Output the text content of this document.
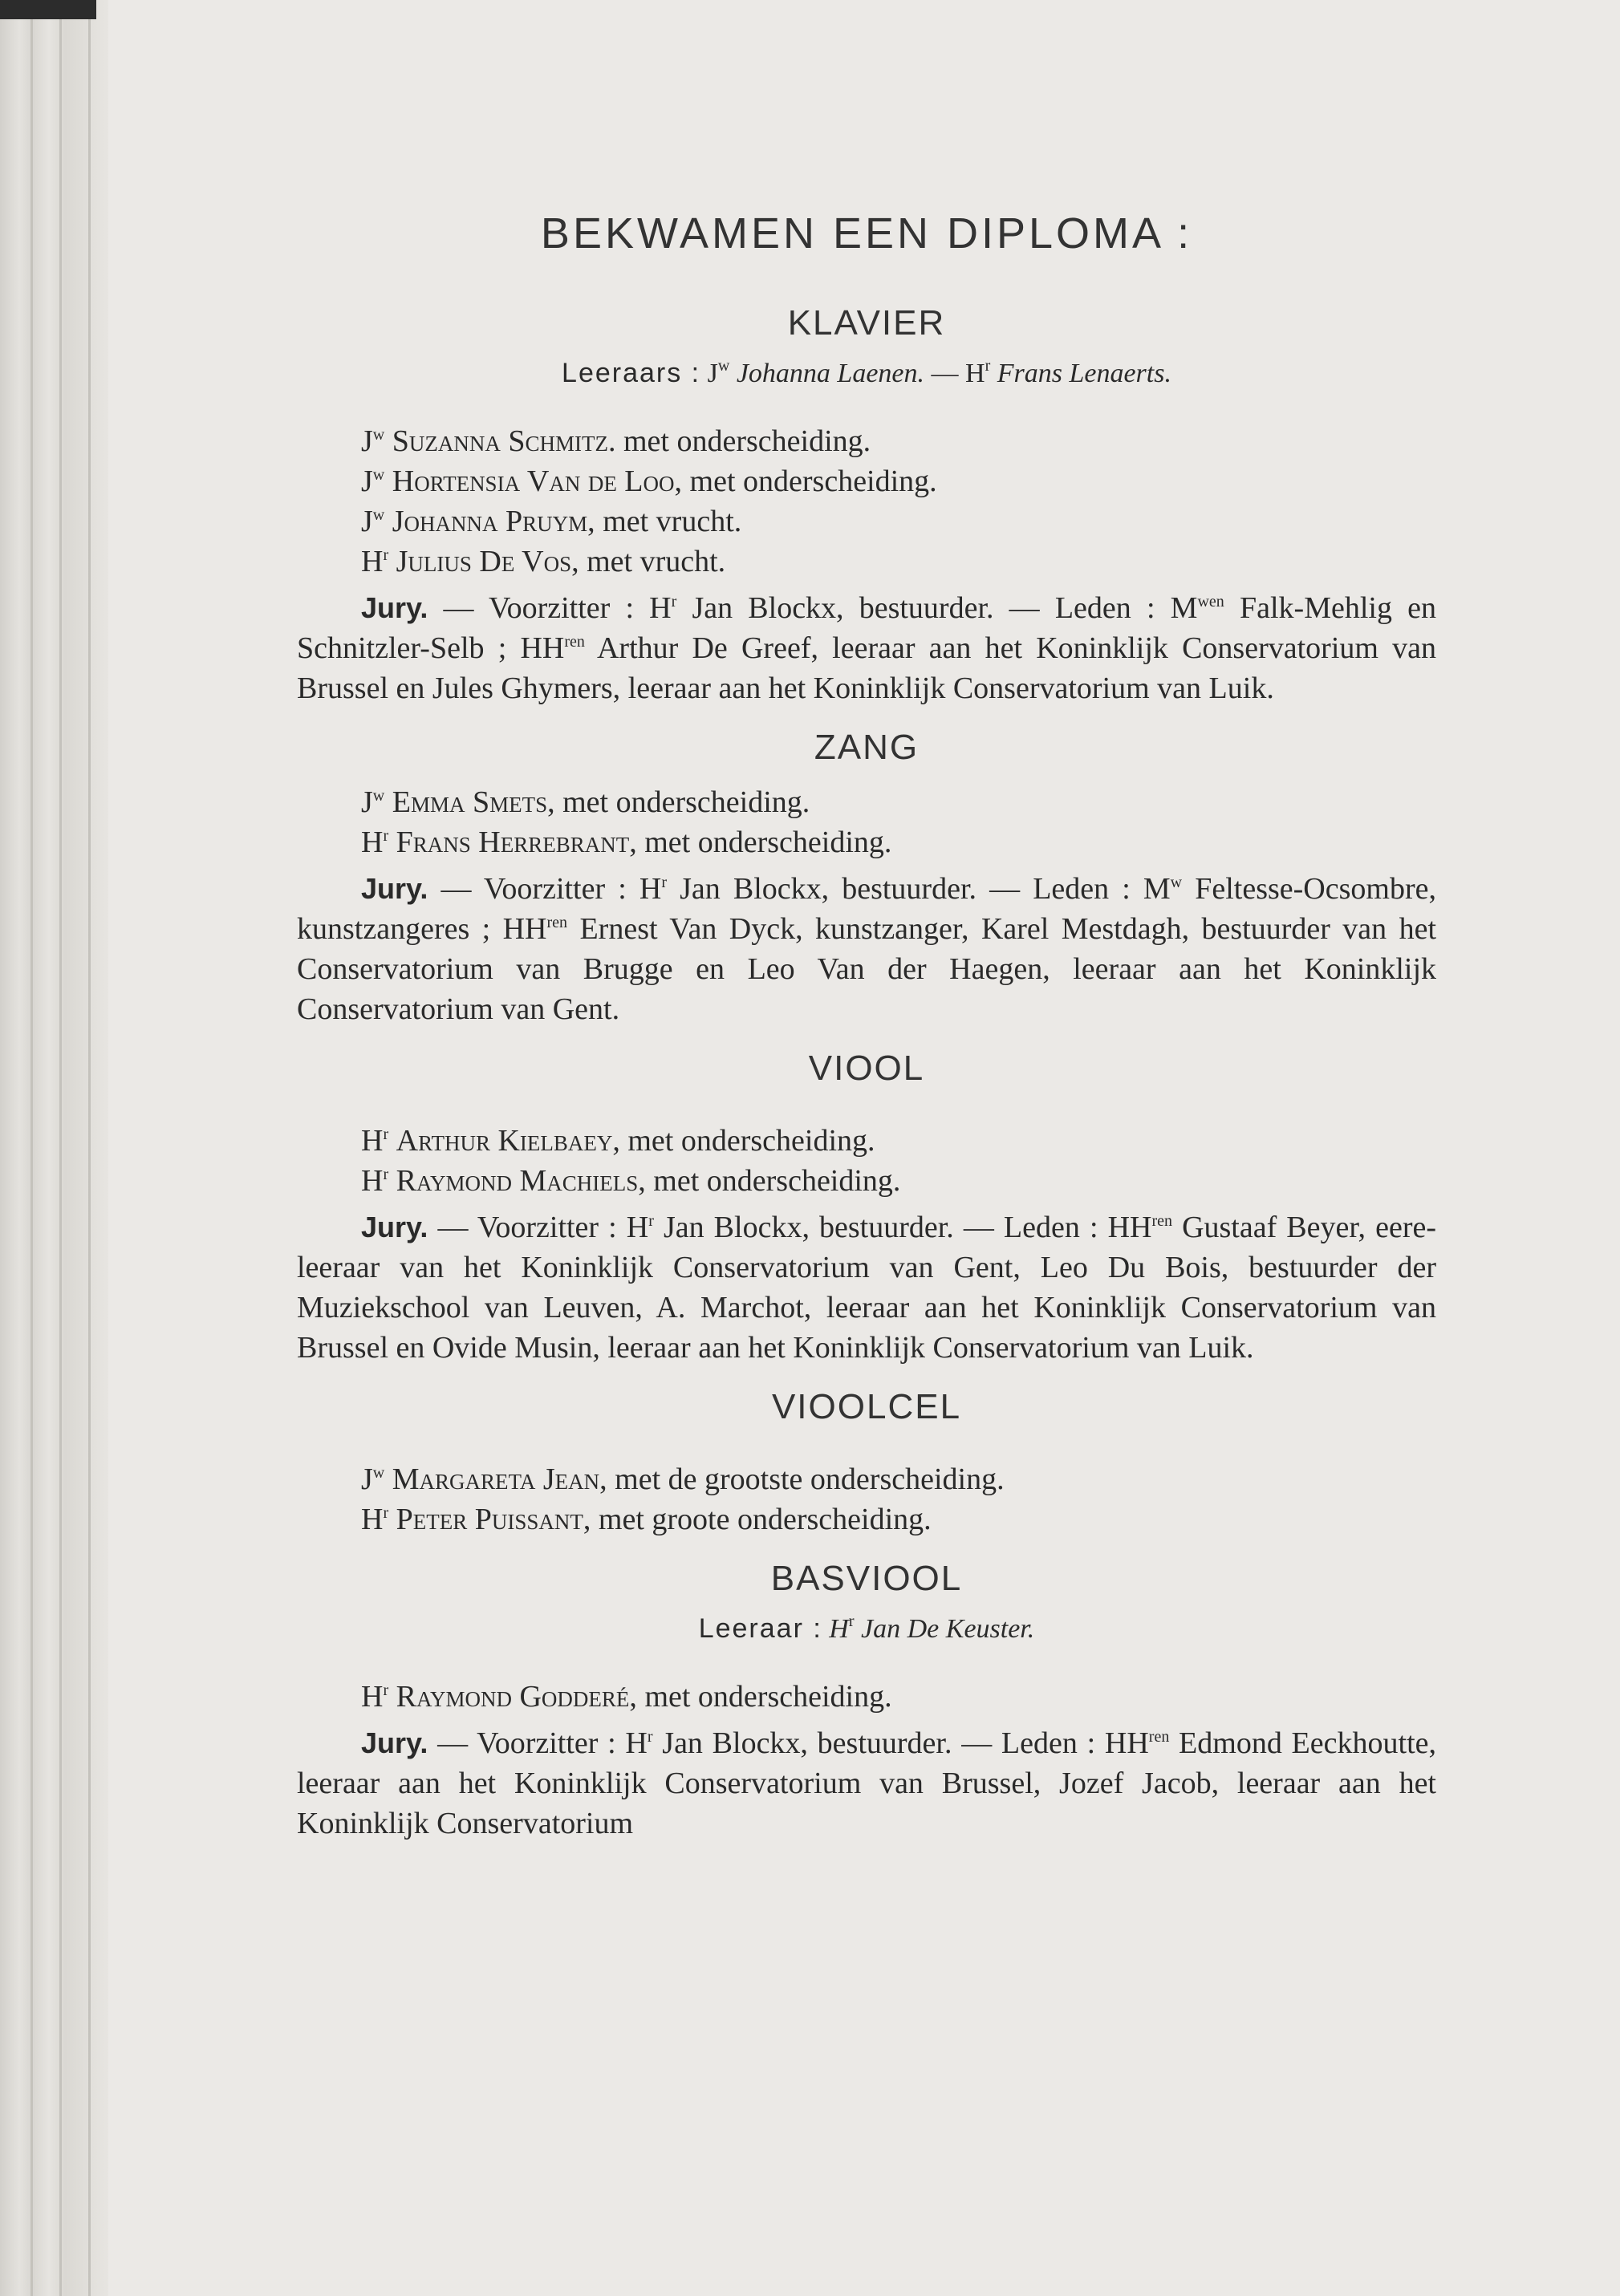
BEKWAMEN EEN DIPLOMA :
KLAVIER
Leeraars : $J^w$ Johanna Laenen. — $H^r$ Frans Lenaerts.
$J^w$ Suzanna Schmitz. met onderscheiding.
$J^w$ Hortensia Van de Loo, met onderscheiding.
$J^w$ Johanna Pruym, met vrucht.
$H^r$ Julius De Vos, met vrucht.
Jury. — Voorzitter : $H^r$ Jan Blockx, bestuurder. — Leden : $M^{wen}$ Falk-Mehlig en Schnitzler-Selb ; $HH^{ren}$ Arthur De Greef, leeraar aan het Koninklijk Conservatorium van Brussel en Jules Ghymers, leeraar aan het Koninklijk Conservatorium van Luik.
ZANG
$J^w$ Emma Smets, met onderscheiding.
$H^r$ Frans Herrebrant, met onderscheiding.
Jury. — Voorzitter : $H^r$ Jan Blockx, bestuurder. — Leden : $M^w$ Feltesse-Ocsombre, kunstzangeres ; $HH^{ren}$ Ernest Van Dyck, kunstzanger, Karel Mestdagh, bestuurder van het Conservatorium van Brugge en Leo Van der Haegen, leeraar aan het Koninklijk Conservatorium van Gent.
VIOOL
$H^r$ Arthur Kielbaey, met onderscheiding.
$H^r$ Raymond Machiels, met onderscheiding.
Jury. — Voorzitter : $H^r$ Jan Blockx, bestuurder. — Leden : $HH^{ren}$ Gustaaf Beyer, eere-leeraar van het Koninklijk Conservatorium van Gent, Leo Du Bois, bestuurder der Muziekschool van Leuven, A. Marchot, leeraar aan het Koninklijk Conservatorium van Brussel en Ovide Musin, leeraar aan het Koninklijk Conservatorium van Luik.
VIOOLCEL
$J^w$ Margareta Jean, met de grootste onderscheiding.
$H^r$ Peter Puissant, met groote onderscheiding.
BASVIOOL
Leeraar : $H^r$ Jan De Keuster.
$H^r$ Raymond Godderé, met onderscheiding.
Jury. — Voorzitter : $H^r$ Jan Blockx, bestuurder. — Leden : $HH^{ren}$ Edmond Eeckhoutte, leeraar aan het Koninklijk Conservatorium van Brussel, Jozef Jacob, leeraar aan het Koninklijk Conservatorium
